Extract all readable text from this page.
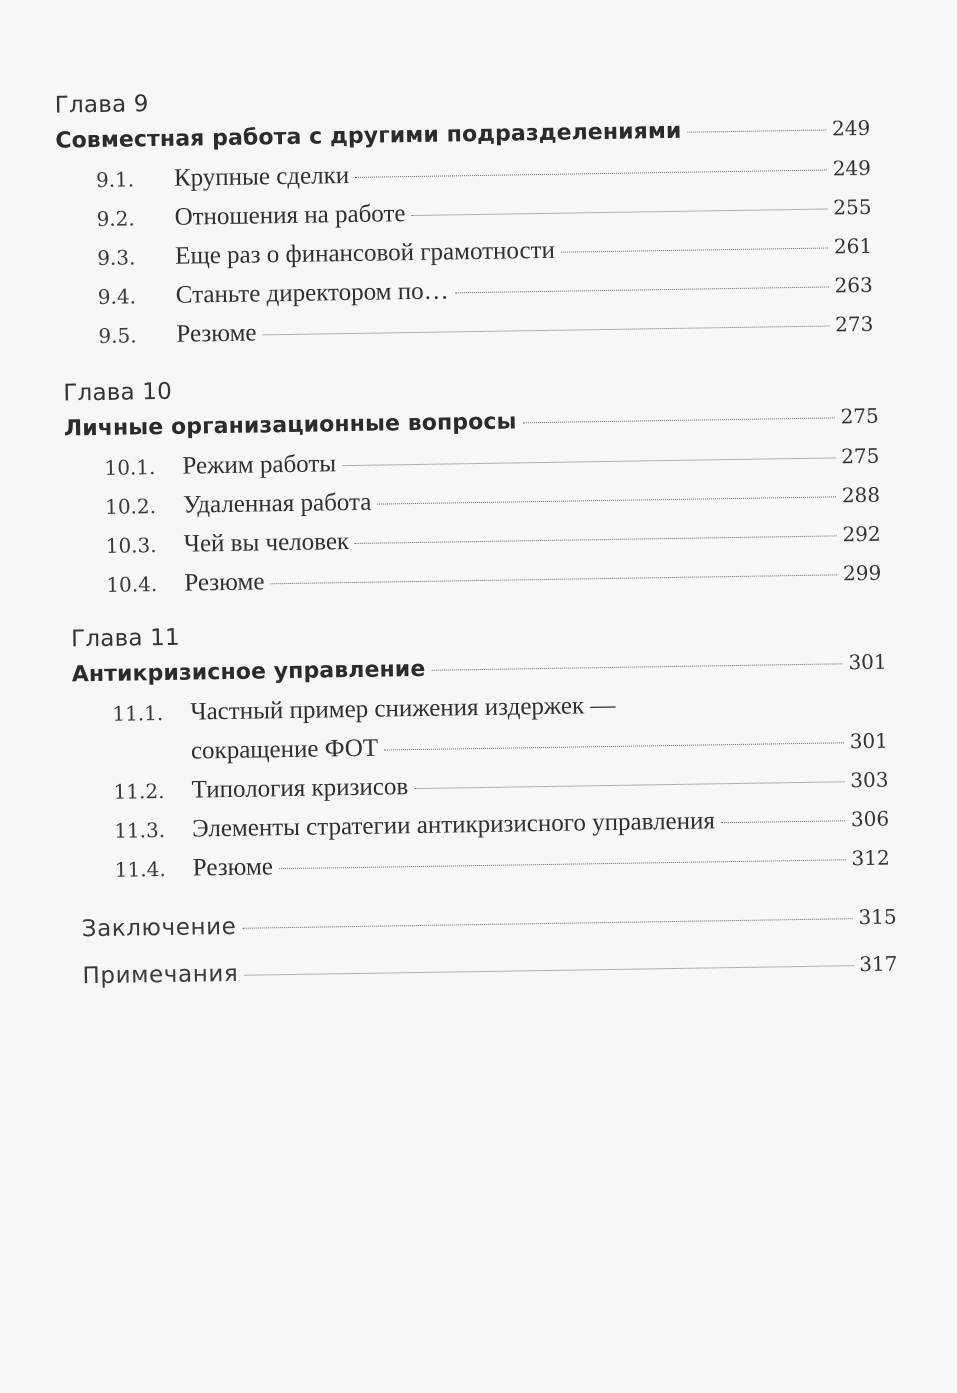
Глава 9
Совместная работа с другими подразделениями	249
9.1.	Крупные сделки	249
9.2.	Отношения на работе	255
9.3.	Еще раз о финансовой грамотности	261
9.4.	Станьте директором по…	263
9.5.	Резюме	273
Глава 10
Личные организационные вопросы	275
10.1.	Режим работы	275
10.2.	Удаленная работа	288
10.3.	Чей вы человек	292
10.4.	Резюме	299
Глава 11
Антикризисное управление	301
11.1.	Частный пример снижения издержек —
сокращение ФОТ	301
11.2.	Типология кризисов	303
11.3.	Элементы стратегии антикризисного управления	306
11.4.	Резюме	312
Заключение	315
Примечания	317
